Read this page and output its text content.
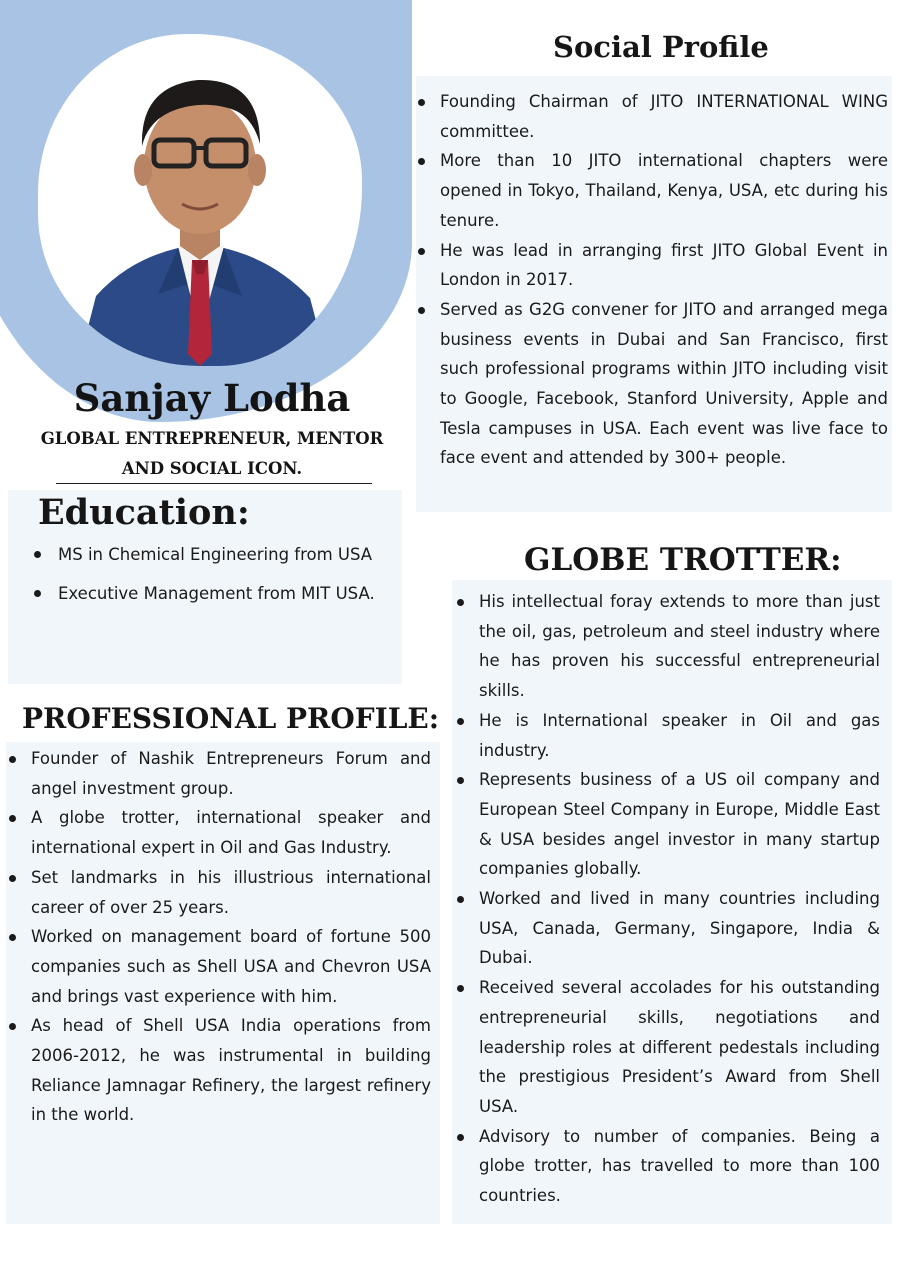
Sanjay Lodha

GLOBAL ENTREPRENEUR, MENTOR AND SOCIAL ICON.

Social Profile
Founding Chairman of JITO INTERNATIONAL WING committee.
More than 10 JITO international chapters were opened in Tokyo, Thailand, Kenya, USA, etc during his tenure.
He was lead in arranging first JITO Global Event in London in 2017.
Served as G2G convener for JITO and arranged mega business events in Dubai and San Francisco, first such professional programs within JITO including visit to Google, Facebook, Stanford University, Apple and Tesla campuses in USA. Each event was live face to face event and attended by 300+ people.
Education:
MS in Chemical Engineering from USA
Executive Management from MIT USA.
GLOBE TROTTER:
His intellectual foray extends to more than just the oil, gas, petroleum and steel industry where he has proven his successful entrepreneurial skills.
He is International speaker in Oil and gas industry.
Represents business of a US oil company and European Steel Company in Europe, Middle East & USA besides angel investor in many startup companies globally.
Worked and lived in many countries including USA, Canada, Germany, Singapore, India & Dubai.
Received several accolades for his outstanding entrepreneurial skills, negotiations and leadership roles at different pedestals including the prestigious President’s Award from Shell USA.
Advisory to number of companies. Being a globe trotter, has travelled to more than 100 countries.
PROFESSIONAL PROFILE:
Founder of Nashik Entrepreneurs Forum and angel investment group.
A globe trotter, international speaker and international expert in Oil and Gas Industry.
Set landmarks in his illustrious international career of over 25 years.
Worked on management board of fortune 500 companies such as Shell USA and Chevron USA and brings vast experience with him.
As head of Shell USA India operations from 2006-2012, he was instrumental in building Reliance Jamnagar Refinery, the largest refinery in the world.
